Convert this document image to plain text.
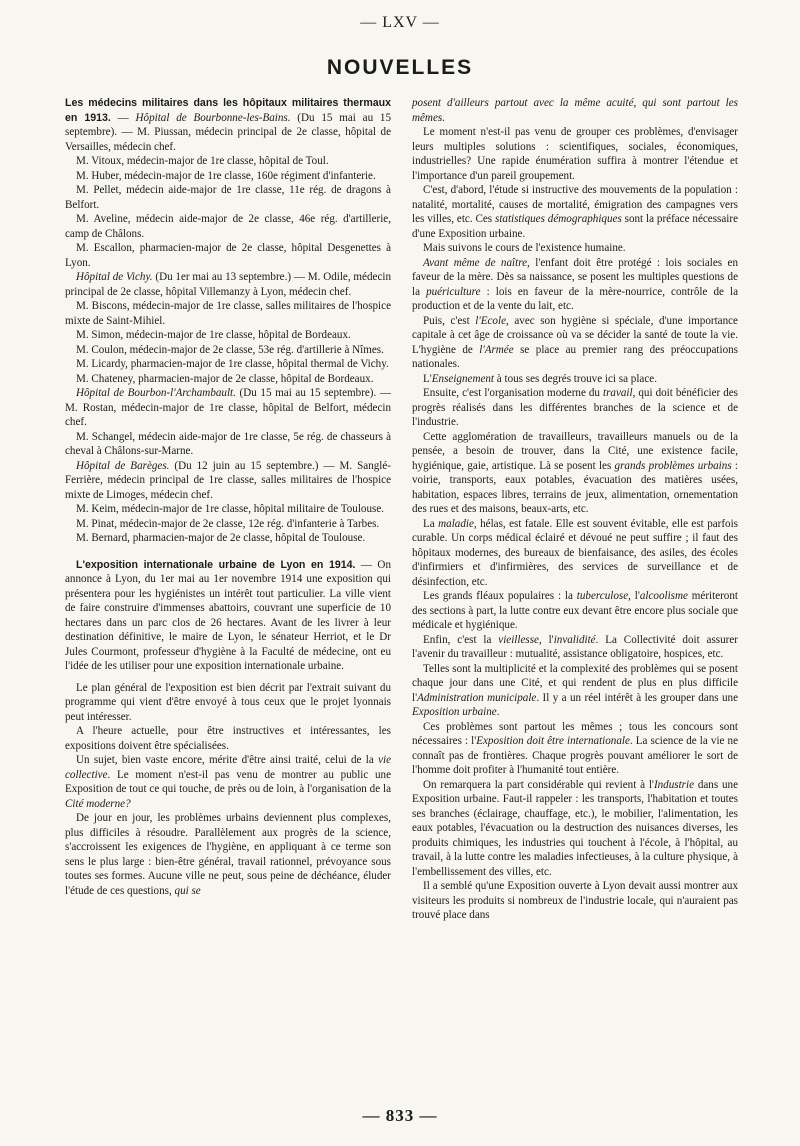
— LXV —
NOUVELLES

Les médecins militaires dans les hôpitaux militaires thermaux en 1913. — Hôpital de Bourbonne-les-Bains. (Du 15 mai au 15 septembre). — M. Piussan, médecin principal de 2e classe, hôpital de Versailles, médecin chef.

M. Vitoux, médecin-major de 1re classe, hôpital de Toul.

M. Huber, médecin-major de 1re classe, 160e régiment d'infanterie.

M. Pellet, médecin aide-major de 1re classe, 11e rég. de dragons à Belfort.

M. Aveline, médecin aide-major de 2e classe, 46e rég. d'artillerie, camp de Châlons.

M. Escallon, pharmacien-major de 2e classe, hôpital Desgenettes à Lyon.

Hôpital de Vichy. (Du 1er mai au 13 septembre.) — M. Odile, médecin principal de 2e classe, hôpital Villemanzy à Lyon, médecin chef.

M. Biscons, médecin-major de 1re classe, salles militaires de l'hospice mixte de Saint-Mihiel.

M. Simon, médecin-major de 1re classe, hôpital de Bordeaux.

M. Coulon, médecin-major de 2e classe, 53e rég. d'artillerie à Nîmes.

M. Licardy, pharmacien-major de 1re classe, hôpital thermal de Vichy.

M. Chateney, pharmacien-major de 2e classe, hôpital de Bordeaux.

Hôpital de Bourbon-l'Archambault. (Du 15 mai au 15 septembre). — M. Rostan, médecin-major de 1re classe, hôpital de Belfort, médecin chef.

M. Schangel, médecin aide-major de 1re classe, 5e rég. de chasseurs à cheval à Châlons-sur-Marne.

Hôpital de Barèges. (Du 12 juin au 15 septembre.) — M. Sanglé-Ferrière, médecin principal de 1re classe, salles militaires de l'hospice mixte de Limoges, médecin chef.

M. Keim, médecin-major de 1re classe, hôpital militaire de Toulouse.

M. Pinat, médecin-major de 2e classe, 12e rég. d'infanterie à Tarbes.

M. Bernard, pharmacien-major de 2e classe, hôpital de Toulouse.

L'exposition internationale urbaine de Lyon en 1914. — On annonce à Lyon, du 1er mai au 1er novembre 1914 une exposition qui présentera pour les hygiénistes un intérêt tout particulier. La ville vient de faire construire d'immenses abattoirs, couvrant une superficie de 10 hectares dans un parc clos de 26 hectares. Avant de les livrer à leur destination définitive, le maire de Lyon, le sénateur Herriot, et le Dr Jules Courmont, professeur d'hygiène à la Faculté de médecine, ont eu l'idée de les utiliser pour une exposition internationale urbaine.

Le plan général de l'exposition est bien décrit par l'extrait suivant du programme qui vient d'être envoyé à tous ceux que le projet lyonnais peut intéresser.

A l'heure actuelle, pour être instructives et intéressantes, les expositions doivent être spécialisées.

Un sujet, bien vaste encore, mérite d'être ainsi traité, celui de la vie collective. Le moment n'est-il pas venu de montrer au public une Exposition de tout ce qui touche, de près ou de loin, à l'organisation de la Cité moderne?

De jour en jour, les problèmes urbains deviennent plus complexes, plus difficiles à résoudre. Parallèlement aux progrès de la science, s'accroissent les exigences de l'hygiène, en appliquant à ce terme son sens le plus large : bien-être général, travail rationnel, prévoyance sous toutes ses formes. Aucune ville ne peut, sous peine de déchéance, éluder l'étude de ces questions, qui se

posent d'ailleurs partout avec la même acuité, qui sont partout les mêmes.

Le moment n'est-il pas venu de grouper ces problèmes, d'envisager leurs multiples solutions : scientifiques, sociales, économiques, industrielles? Une rapide énumération suffira à montrer l'étendue et l'importance d'un pareil groupement.

C'est, d'abord, l'étude si instructive des mouvements de la population : natalité, mortalité, causes de mortalité, émigration des campagnes vers les villes, etc. Ces statistiques démographiques sont la préface nécessaire d'une Exposition urbaine.

Mais suivons le cours de l'existence humaine.

Avant même de naître, l'enfant doit être protégé : lois sociales en faveur de la mère. Dès sa naissance, se posent les multiples questions de la puériculture : lois en faveur de la mère-nourrice, contrôle de la production et de la vente du lait, etc.

Puis, c'est l'Ecole, avec son hygiène si spéciale, d'une importance capitale à cet âge de croissance où va se décider la santé de toute la vie. L'hygiène de l'Armée se place au premier rang des préoccupations nationales.

L'Enseignement à tous ses degrés trouve ici sa place.

Ensuite, c'est l'organisation moderne du travail, qui doit bénéficier des progrès réalisés dans les différentes branches de la science et de l'industrie.

Cette agglomération de travailleurs, travailleurs manuels ou de la pensée, a besoin de trouver, dans la Cité, une existence facile, hygiénique, gaie, artistique. Là se posent les grands problèmes urbains : voirie, transports, eaux potables, évacuation des matières usées, habitation, espaces libres, terrains de jeux, alimentation, ornementation des rues et des maisons, beaux-arts, etc.

La maladie, hélas, est fatale. Elle est souvent évitable, elle est parfois curable. Un corps médical éclairé et dévoué ne peut suffire ; il faut des hôpitaux modernes, des bureaux de bienfaisance, des asiles, des écoles d'infirmiers et d'infirmières, des services de surveillance et de désinfection, etc.

Les grands fléaux populaires : la tuberculose, l'alcoolisme mériteront des sections à part, la lutte contre eux devant être encore plus sociale que médicale et hygiénique.

Enfin, c'est la vieillesse, l'invalidité. La Collectivité doit assurer l'avenir du travailleur : mutualité, assistance obligatoire, hospices, etc.

Telles sont la multiplicité et la complexité des problèmes qui se posent chaque jour dans une Cité, et qui rendent de plus en plus difficile l'Administration municipale. Il y a un réel intérêt à les grouper dans une Exposition urbaine.

Ces problèmes sont partout les mêmes ; tous les concours sont nécessaires : l'Exposition doit être internationale. La science de la vie ne connaît pas de frontières. Chaque progrès pouvant améliorer le sort de l'homme doit profiter à l'humanité tout entière.

On remarquera la part considérable qui revient à l'Industrie dans une Exposition urbaine. Faut-il rappeler : les transports, l'habitation et toutes ses branches (éclairage, chauffage, etc.), le mobilier, l'alimentation, les eaux potables, l'évacuation ou la destruction des nuisances diverses, les produits chimiques, les industries qui touchent à l'école, à l'hôpital, au travail, à la lutte contre les maladies infectieuses, à la culture physique, à l'embellissement des villes, etc.

Il a semblé qu'une Exposition ouverte à Lyon devait aussi montrer aux visiteurs les produits si nombreux de l'industrie locale, qui n'auraient pas trouvé place dans

— 833 —
